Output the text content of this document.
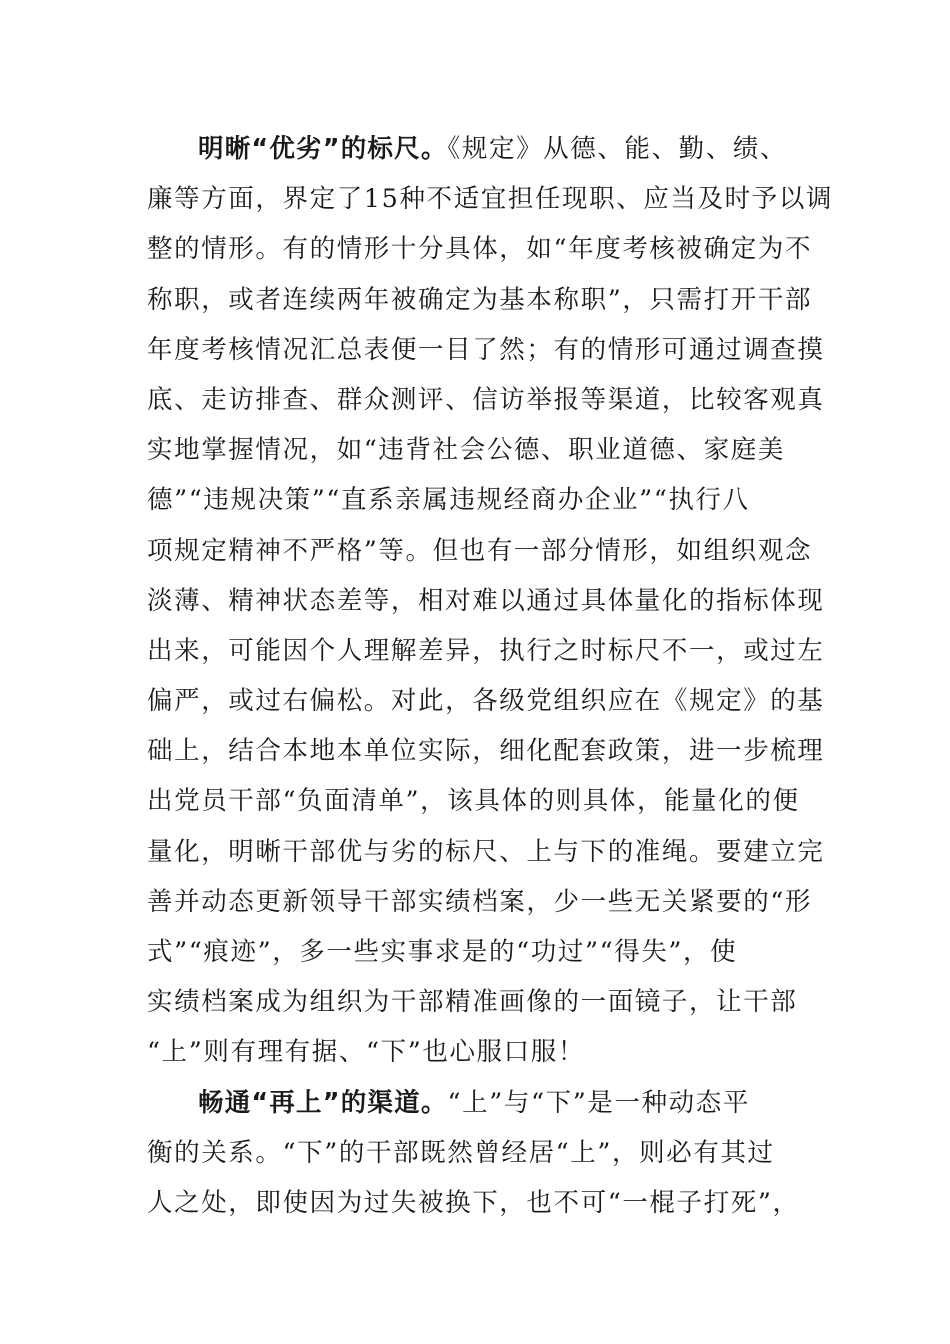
明晰“优劣”的标尺。《规定》从德、能、勤、绩、
廉等方面，界定了15种不适宜担任现职、应当及时予以调
整的情形。有的情形十分具体，如“年度考核被确定为不
称职，或者连续两年被确定为基本称职”，只需打开干部
年度考核情况汇总表便一目了然；有的情形可通过调查摸
底、走访排查、群众测评、信访举报等渠道，比较客观真
实地掌握情况，如“违背社会公德、职业道德、家庭美
德”“违规决策”“直系亲属违规经商办企业”“执行八
项规定精神不严格”等。但也有一部分情形，如组织观念
淡薄、精神状态差等，相对难以通过具体量化的指标体现
出来，可能因个人理解差异，执行之时标尺不一，或过左
偏严，或过右偏松。对此，各级党组织应在《规定》的基
础上，结合本地本单位实际，细化配套政策，进一步梳理
出党员干部“负面清单”，该具体的则具体，能量化的便
量化，明晰干部优与劣的标尺、上与下的准绳。要建立完
善并动态更新领导干部实绩档案，少一些无关紧要的“形
式”“痕迹”，多一些实事求是的“功过”“得失”，使
实绩档案成为组织为干部精准画像的一面镜子，让干部
“上”则有理有据、“下”也心服口服！
畅通“再上”的渠道。“上”与“下”是一种动态平
衡的关系。“下”的干部既然曾经居“上”，则必有其过
人之处，即使因为过失被换下，也不可“一棍子打死”，
